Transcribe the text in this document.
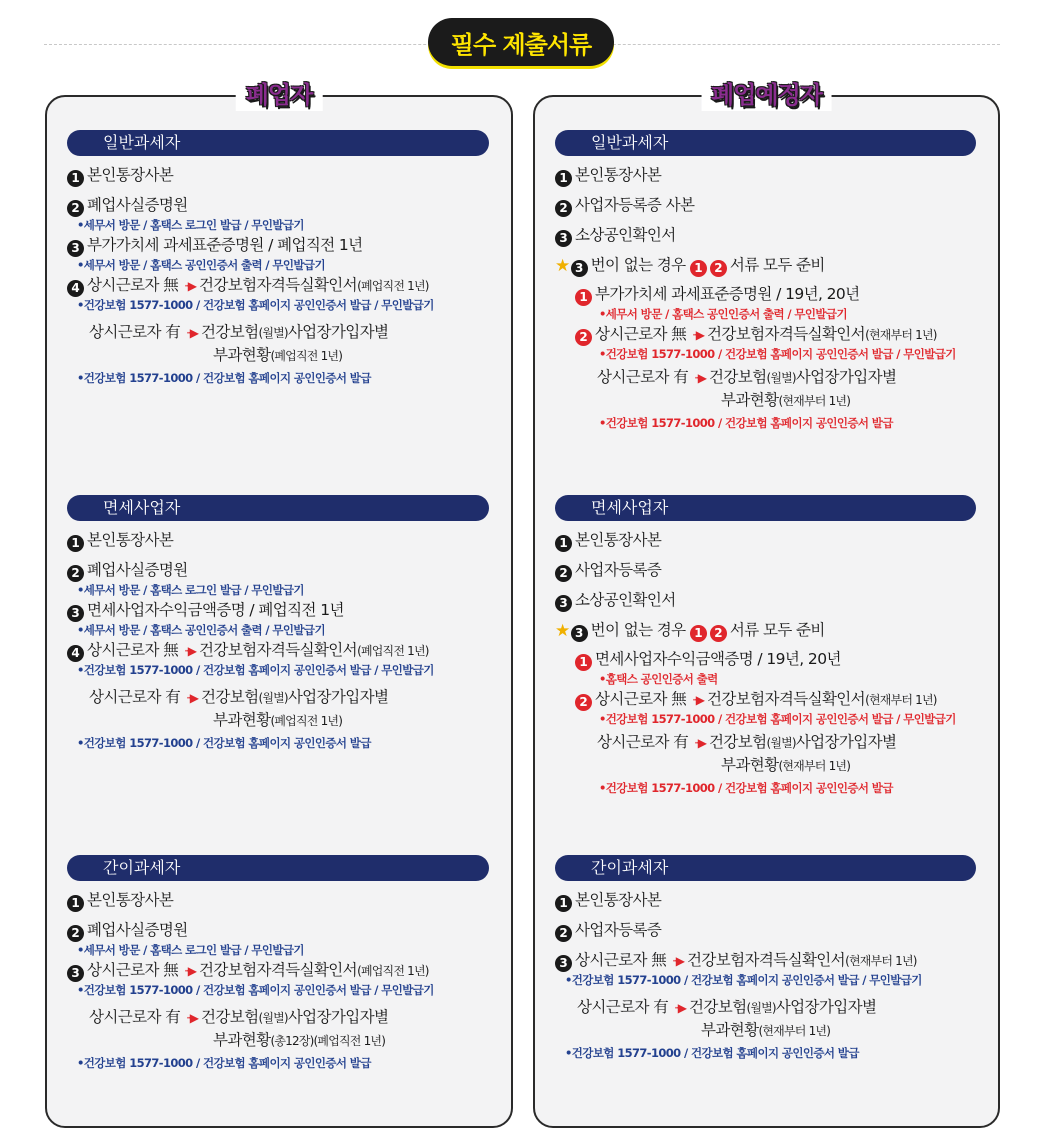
필수 제출서류
폐업자
일반과세자
1 본인통장사본
2 폐업사실증명원
•세무서 방문 / 홈택스 로그인 발급 / 무인발급기
3 부가가치세 과세표준증명원 / 폐업직전 1년
•세무서 방문 / 홈택스 공인인증서 출력 / 무인발급기
4 상시근로자 無 ··▶ 건강보험자격득실확인서(폐업직전 1년)
•건강보험 1577-1000 / 건강보험 홈페이지 공인인증서 발급 / 무인발급기
상시근로자 有 ··▶ 건강보험(월별)사업장가입자별
부과현황(폐업직전 1년)
•건강보험 1577-1000 / 건강보험 홈페이지 공인인증서 발급
면세사업자
1 본인통장사본
2 폐업사실증명원
•세무서 방문 / 홈택스 로그인 발급 / 무인발급기
3 면세사업자수익금액증명 / 폐업직전 1년
•세무서 방문 / 홈택스 공인인증서 출력 / 무인발급기
4 상시근로자 無 ··▶ 건강보험자격득실확인서(폐업직전 1년)
•건강보험 1577-1000 / 건강보험 홈페이지 공인인증서 발급 / 무인발급기
상시근로자 有 ··▶ 건강보험(월별)사업장가입자별
부과현황(폐업직전 1년)
•건강보험 1577-1000 / 건강보험 홈페이지 공인인증서 발급
간이과세자
1 본인통장사본
2 폐업사실증명원
•세무서 방문 / 홈택스 로그인 발급 / 무인발급기
3 상시근로자 無 ··▶ 건강보험자격득실확인서(폐업직전 1년)
•건강보험 1577-1000 / 건강보험 홈페이지 공인인증서 발급 / 무인발급기
상시근로자 有 ··▶ 건강보험(월별)사업장가입자별
부과현황(총12장)(폐업직전 1년)
•건강보험 1577-1000 / 건강보험 홈페이지 공인인증서 발급
폐업예정자
일반과세자
1 본인통장사본
2 사업자등록증 사본
3 소상공인확인서
★ 3 번이 없는 경우 1 2 서류 모두 준비
1 부가가치세 과세표준증명원 / 19년, 20년
•세무서 방문 / 홈택스 공인인증서 출력 / 무인발급기
2 상시근로자 無 ··▶ 건강보험자격득실확인서(현재부터 1년)
•건강보험 1577-1000 / 건강보험 홈페이지 공인인증서 발급 / 무인발급기
상시근로자 有 ··▶ 건강보험(월별)사업장가입자별
부과현황(현재부터 1년)
•건강보험 1577-1000 / 건강보험 홈페이지 공인인증서 발급
면세사업자
1 본인통장사본
2 사업자등록증
3 소상공인확인서
★ 3 번이 없는 경우 1 2 서류 모두 준비
1 면세사업자수익금액증명 / 19년, 20년
•홈택스 공인인증서 출력
2 상시근로자 無 ··▶ 건강보험자격득실확인서(현재부터 1년)
•건강보험 1577-1000 / 건강보험 홈페이지 공인인증서 발급 / 무인발급기
상시근로자 有 ··▶ 건강보험(월별)사업장가입자별
부과현황(현재부터 1년)
•건강보험 1577-1000 / 건강보험 홈페이지 공인인증서 발급
간이과세자
1 본인통장사본
2 사업자등록증
3 상시근로자 無 ··▶ 건강보험자격득실확인서(현재부터 1년)
•건강보험 1577-1000 / 건강보험 홈페이지 공인인증서 발급 / 무인발급기
상시근로자 有 ··▶ 건강보험(월별)사업장가입자별
부과현황(현재부터 1년)
•건강보험 1577-1000 / 건강보험 홈페이지 공인인증서 발급
